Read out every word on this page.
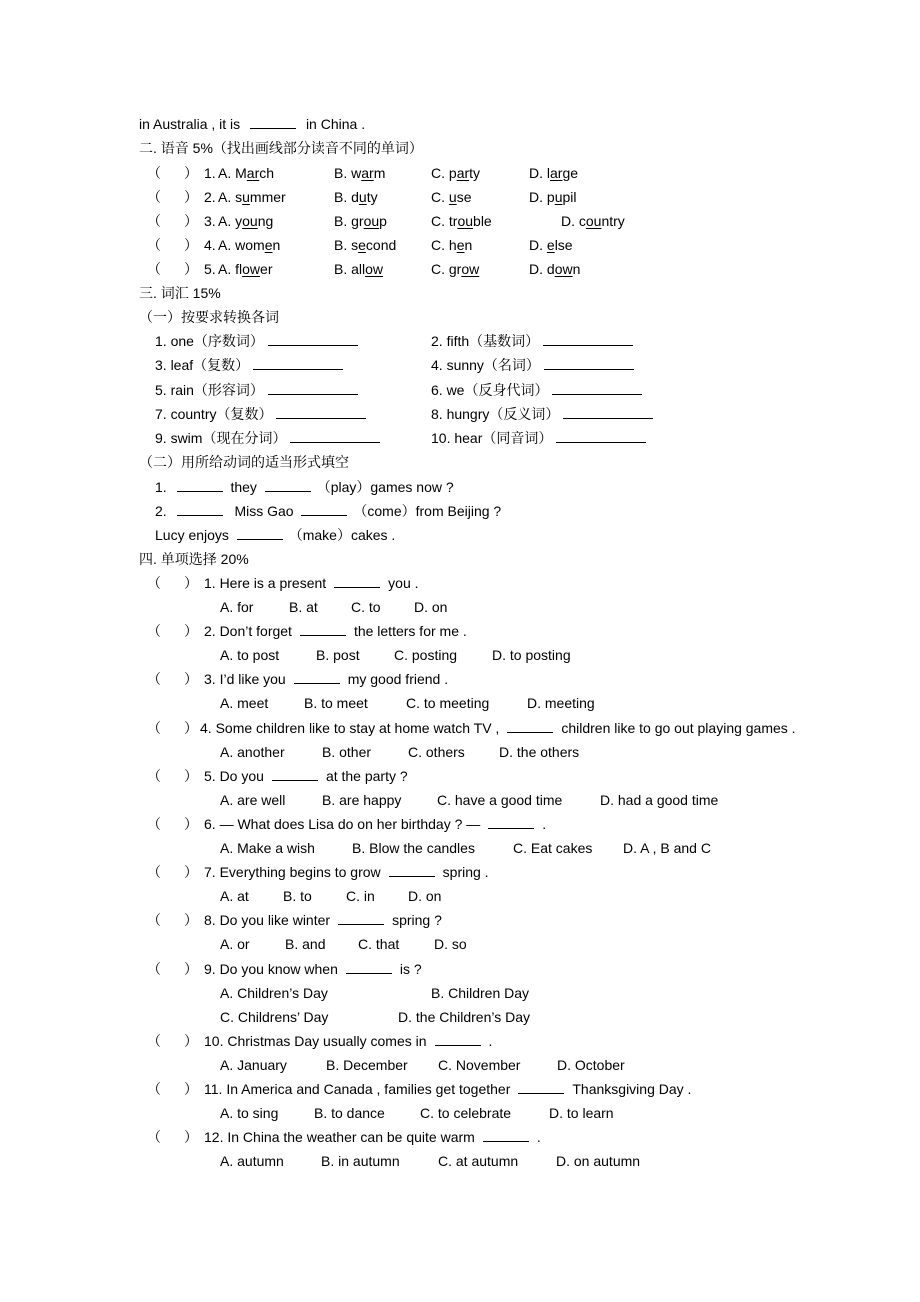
in Australia , it is	in China .
二. 语音 5%（找出画线部分读音不同的单词）
（ ） 1. A. March	B. warm	C. party	D. large
（ ） 2. A. summer	B. duty	C. use	D. pupil
（ ） 3. A. young	B. group	C. trouble	D. country
（ ） 4. A. women	B. second C. hen	D. else
（ ） 5. A. flower	B. allow	C. grow	D. down
三. 词汇 15%
（一）按要求转换各词
1. one（序数词）	2. fifth（基数词）
3. leaf（复数）	4. sunny（名词）
5. rain（形容词）	6. we（反身代词）
7. country（复数）	8. hungry（反义词）
9. swim（现在分词）	10. hear（同音词）
（二）用所给动词的适当形式填空
1.	they	（play）games now ?
2.	Miss Gao	（come）from Beijing ?
Lucy enjoys	（make）cakes .
四. 单项选择 20%
（ ） 1. Here is a present	you .
A. for	B. at C. to D. on
（ ） 2. Don’t forget	the letters for me .
A. to post	B. post C. posting D. to posting
（ ） 3. I’d like you	my good friend .
A. meet	B. to meet	C. to meeting	D. meeting
（ ） 4. Some children like to stay at home watch TV ,	children like to go out playing games .
A. another	B. other	C. others D. the others
（ ） 5. Do you	at the party ?
A. are well	B. are happy	C. have a good time	D. had a good time
（ ） 6. — What does Lisa do on her birthday ? —	.
A. Make a wish	B. Blow the candles	C. Eat cakes D. A , B and C
（ ） 7. Everything begins to grow	spring .
A. at B. to C. in D. on
（ ） 8. Do you like winter	spring ?
A. or	B. and C. that D. so
（ ） 9. Do you know when	is ?
A. Children’s Day	B. Children Day
C. Childrens’ Day	D. the Children’s Day
（ ） 10. Christmas Day usually comes in	.
A. January	B. December C. November	D. October
（ ） 11. In America and Canada , families get together	Thanksgiving Day .
A. to sing	B. to dance	C. to celebrate	D. to learn
（ ） 12. In China the weather can be quite warm	.
A. autumn	B. in autumn	C. at autumn	D. on autumn
